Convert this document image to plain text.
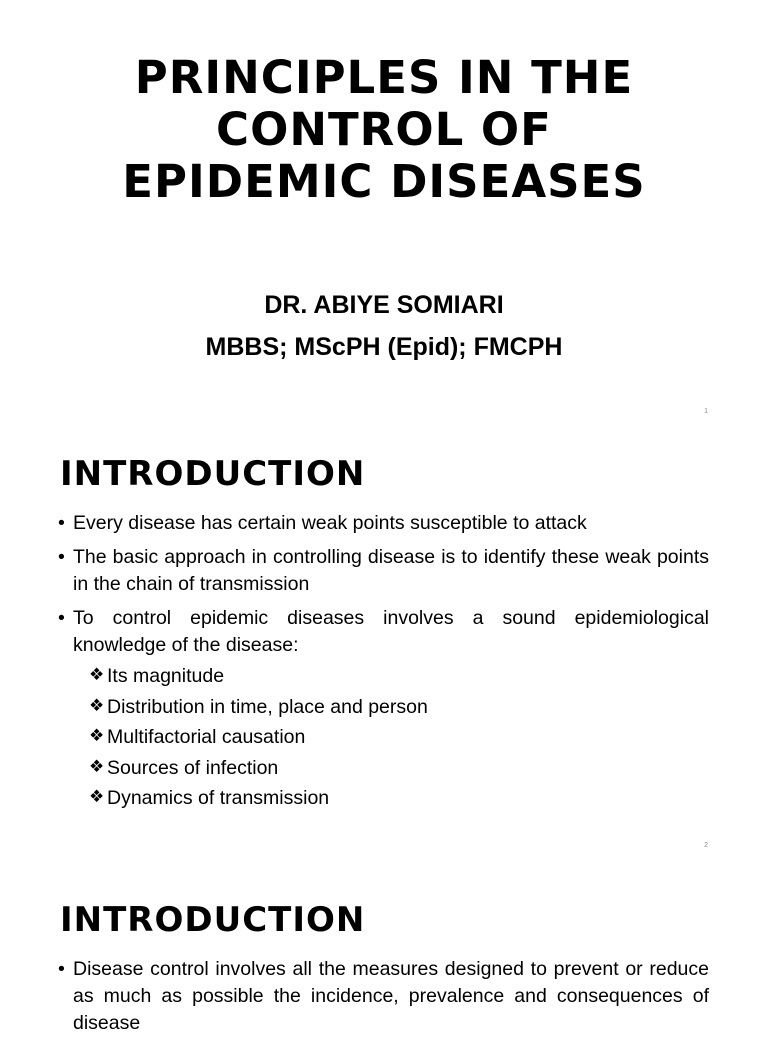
PRINCIPLES IN THE
CONTROL OF
EPIDEMIC DISEASES
DR. ABIYE SOMIARI
MBBS; MScPH (Epid); FMCPH
1
INTRODUCTION
• Every disease has certain weak points susceptible to attack
• The basic approach in controlling disease is to identify these weak points in the chain of transmission
• To control epidemic diseases involves a sound epidemiological knowledge of the disease:
❖ Its magnitude
❖ Distribution in time, place and person
❖ Multifactorial causation
❖ Sources of infection
❖ Dynamics of transmission
2
INTRODUCTION
• Disease control involves all the measures designed to prevent or reduce as much as possible the incidence, prevalence and consequences of disease
